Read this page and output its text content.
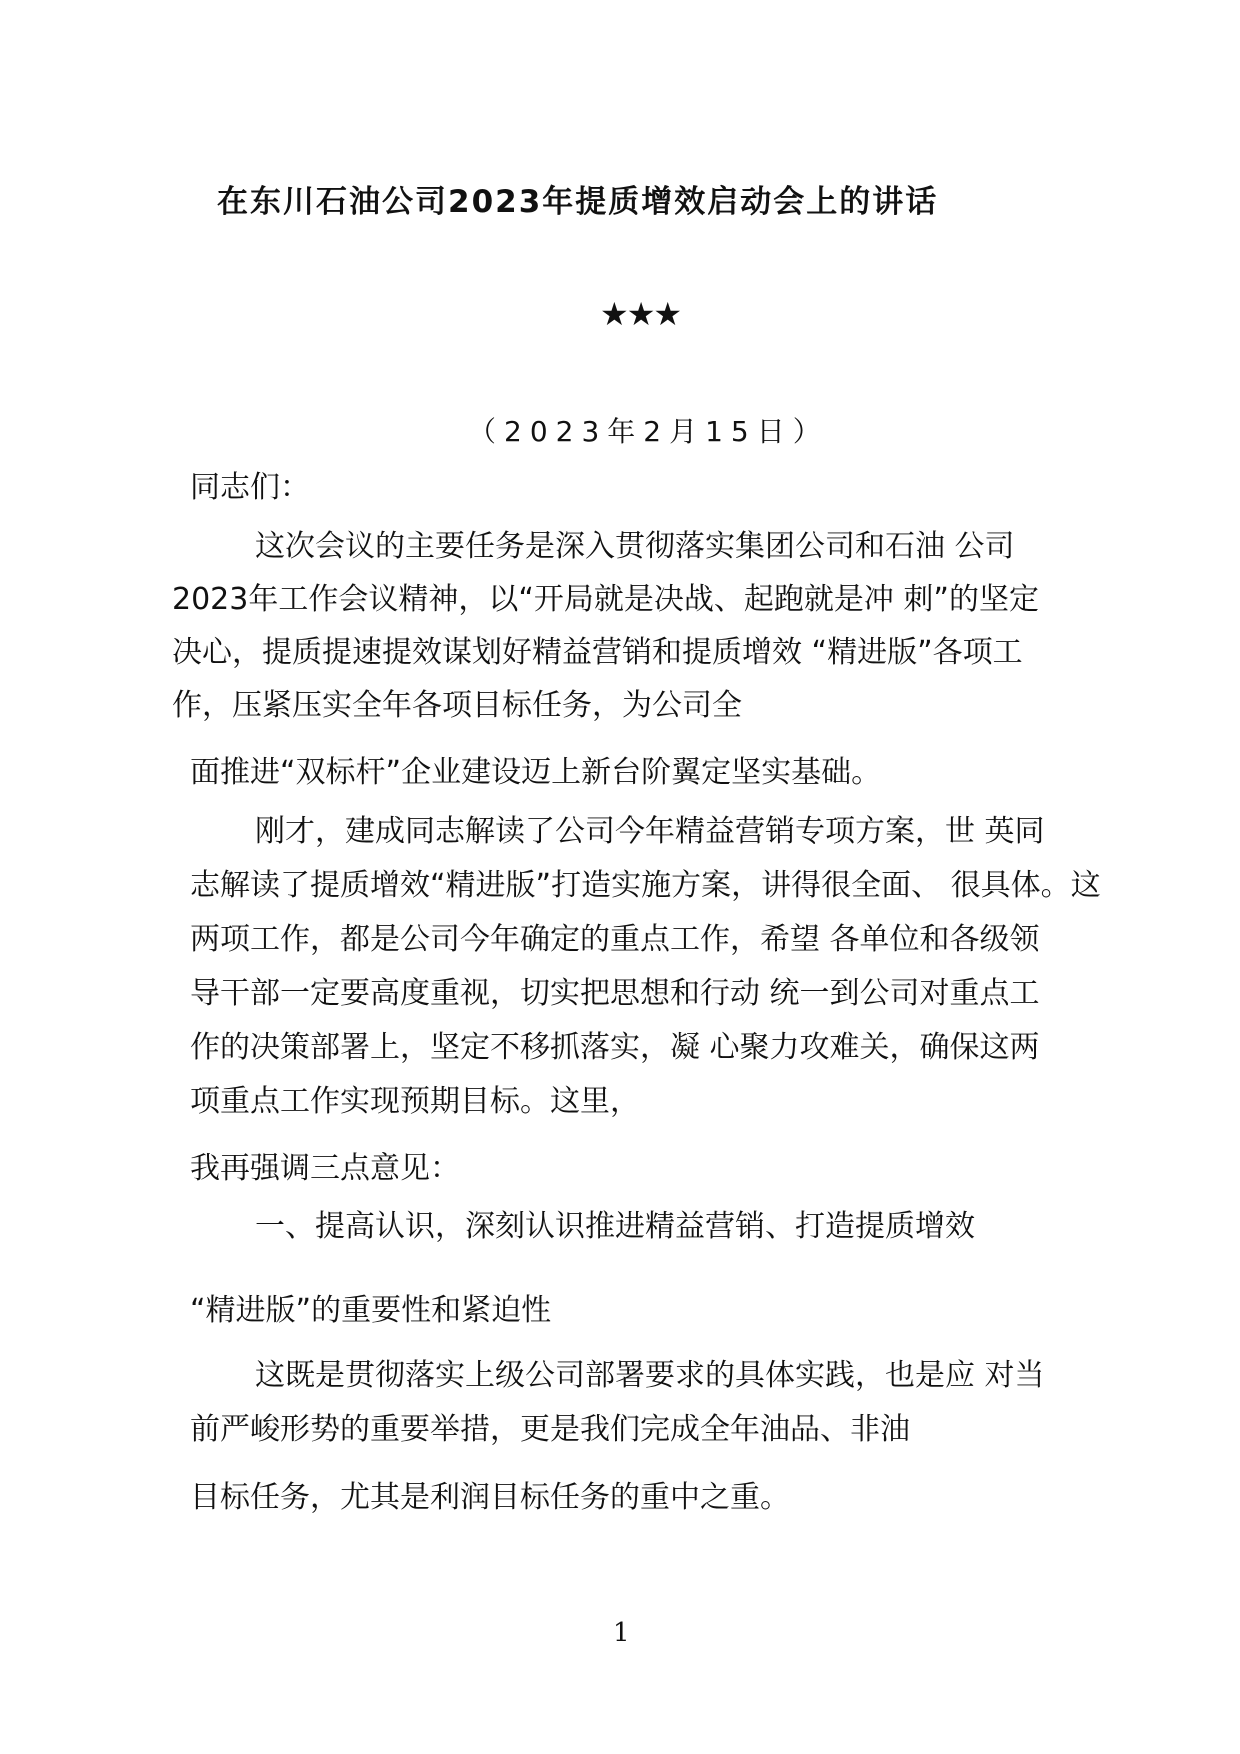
在东川石油公司2023年提质增效启动会上的讲话
★★★
（2023年2月15日）
同志们：
这次会议的主要任务是深入贯彻落实集团公司和石油 公司
2023年工作会议精神，以“开局就是决战、起跑就是冲 刺”的坚定
决心，提质提速提效谋划好精益营销和提质增效 “精进版”各项工
作，压紧压实全年各项目标任务，为公司全
面推进“双标杆”企业建设迈上新台阶翼定坚实基础。
刚才，建成同志解读了公司今年精益营销专项方案，世 英同
志解读了提质增效“精进版”打造实施方案，讲得很全面、 很具体。这
两项工作，都是公司今年确定的重点工作，希望 各单位和各级领
导干部一定要高度重视，切实把思想和行动 统一到公司对重点工
作的决策部署上，坚定不移抓落实，凝 心聚力攻难关，确保这两
项重点工作实现预期目标。这里，
我再强调三点意见：
一、提高认识，深刻认识推进精益营销、打造提质增效
“精进版”的重要性和紧迫性
这既是贯彻落实上级公司部署要求的具体实践，也是应 对当
前严峻形势的重要举措，更是我们完成全年油品、非油
目标任务，尤其是利润目标任务的重中之重。
1
